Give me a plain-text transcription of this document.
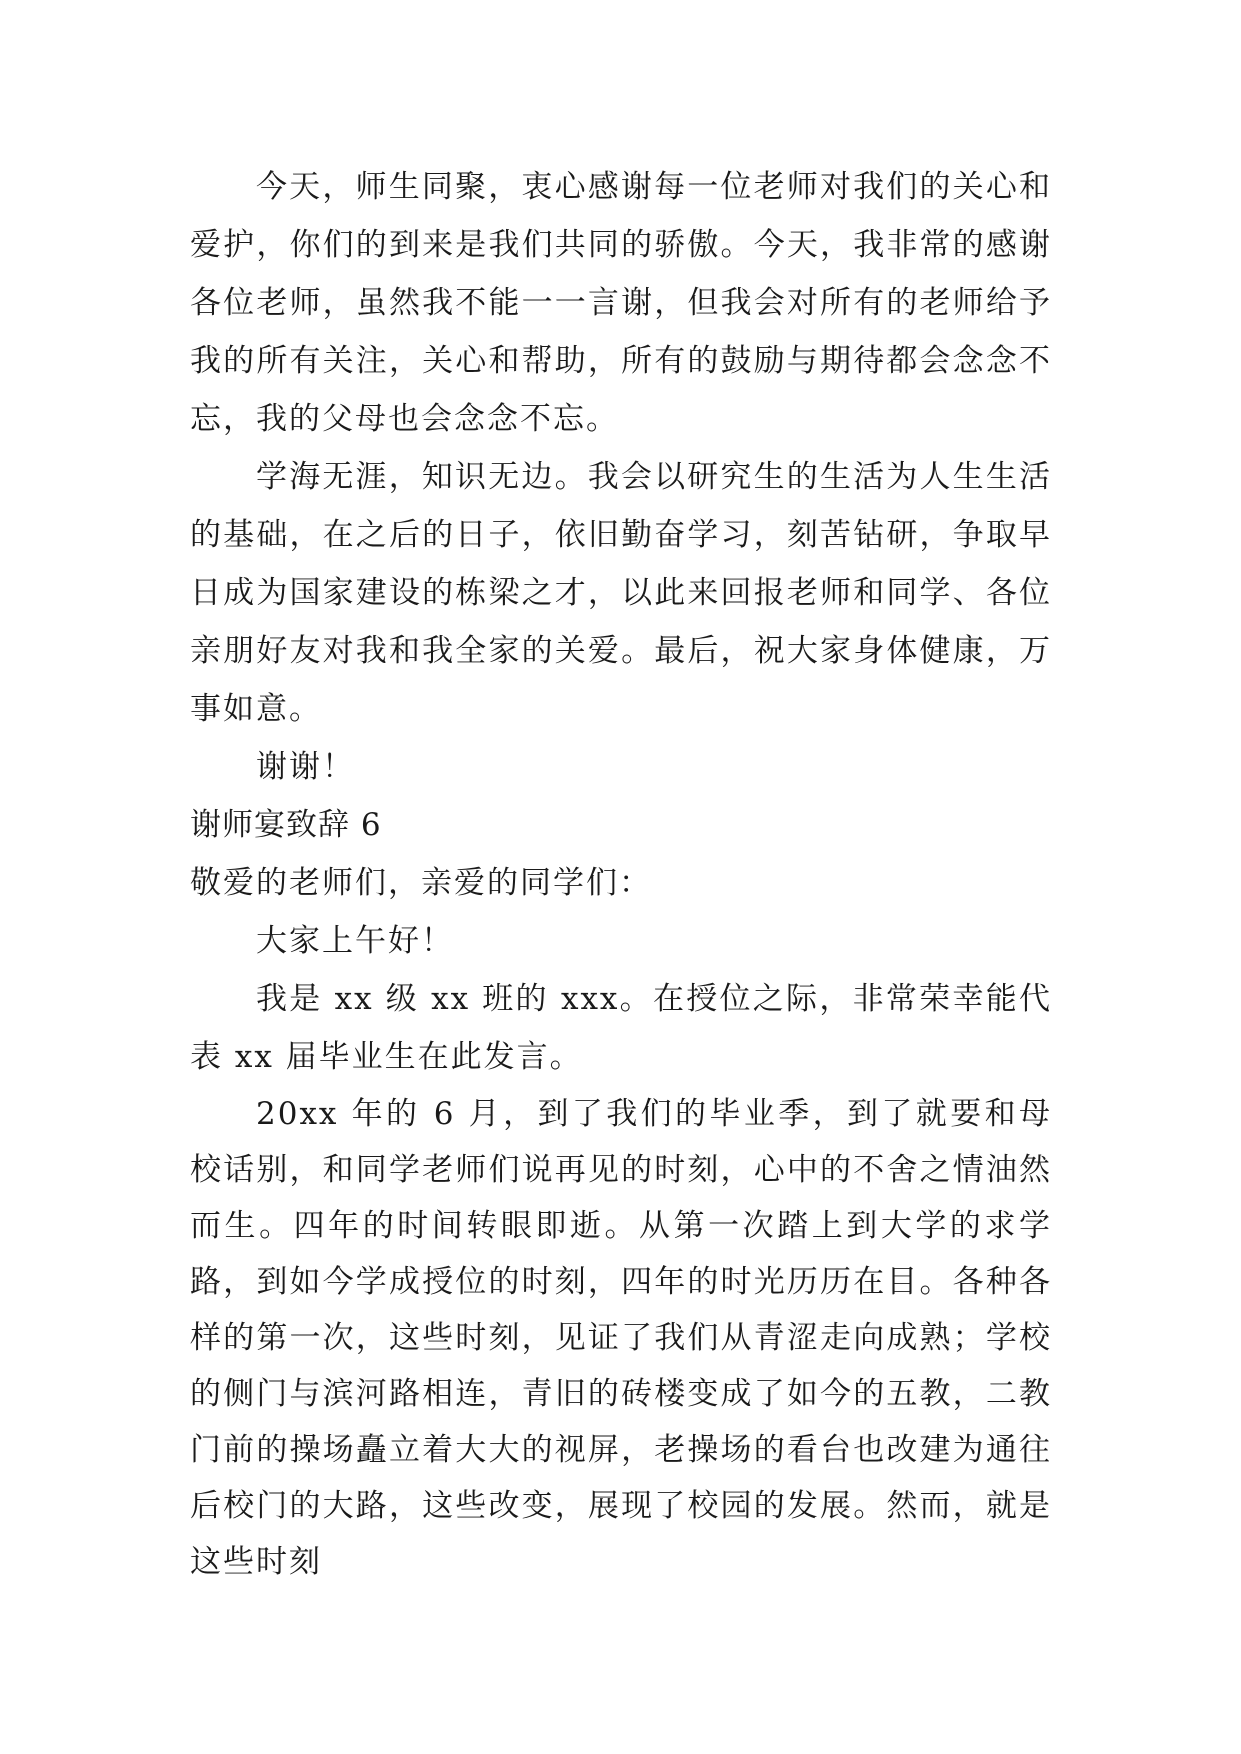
今天，师生同聚，衷心感谢每一位老师对我们的关心和爱护，你们的到来是我们共同的骄傲。今天，我非常的感谢各位老师，虽然我不能一一言谢，但我会对所有的老师给予我的所有关注，关心和帮助，所有的鼓励与期待都会念念不忘，我的父母也会念念不忘。

学海无涯，知识无边。我会以研究生的生活为人生生活的基础，在之后的日子，依旧勤奋学习，刻苦钻研，争取早日成为国家建设的栋梁之才，以此来回报老师和同学、各位亲朋好友对我和我全家的关爱。最后，祝大家身体健康，万事如意。

谢谢！

谢师宴致辞 6

敬爱的老师们，亲爱的同学们：

大家上午好！

我是 xx 级 xx 班的 xxx。在授位之际，非常荣幸能代表 xx 届毕业生在此发言。

20xx 年的 6 月，到了我们的毕业季，到了就要和母校话别，和同学老师们说再见的时刻，心中的不舍之情油然而生。四年的时间转眼即逝。从第一次踏上到大学的求学路，到如今学成授位的时刻，四年的时光历历在目。各种各样的第一次，这些时刻，见证了我们从青涩走向成熟；学校的侧门与滨河路相连，青旧的砖楼变成了如今的五教，二教门前的操场矗立着大大的视屏，老操场的看台也改建为通往后校门的大路，这些改变，展现了校园的发展。然而，就是这些时刻
